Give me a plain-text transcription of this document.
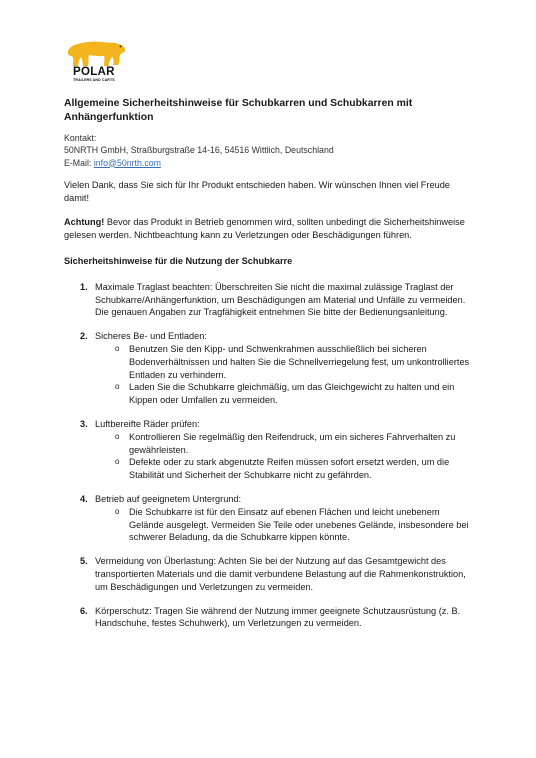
POLAR
TRAILERS AND CARTS
Allgemeine Sicherheitshinweise für Schubkarren und Schubkarren mit Anhängerfunktion
Kontakt:
50NRTH GmbH, Straßburgstraße 14-16, 54516 Wittlich, Deutschland
E-Mail: info@50nrth.com

Vielen Dank, dass Sie sich für Ihr Produkt entschieden haben. Wir wünschen Ihnen viel Freude damit!

Achtung! Bevor das Produkt in Betrieb genommen wird, sollten unbedingt die Sicherheitshinweise gelesen werden. Nichtbeachtung kann zu Verletzungen oder Beschädigungen führen.

Sicherheitshinweise für die Nutzung der Schubkarre
1. Maximale Traglast beachten: Überschreiten Sie nicht die maximal zulässige Traglast der Schubkarre/Anhängerfunktion, um Beschädigungen am Material und Unfälle zu vermeiden. Die genauen Angaben zur Tragfähigkeit entnehmen Sie bitte der Bedienungsanleitung.
2. Sicheres Be- und Entladen:
o Benutzen Sie den Kipp- und Schwenkrahmen ausschließlich bei sicheren Bodenverhältnissen und halten Sie die Schnellverriegelung fest, um unkontrolliertes Entladen zu verhindern.
o Laden Sie die Schubkarre gleichmäßig, um das Gleichgewicht zu halten und ein Kippen oder Umfallen zu vermeiden.
3. Luftbereifte Räder prüfen:
o Kontrollieren Sie regelmäßig den Reifendruck, um ein sicheres Fahrverhalten zu gewährleisten.
o Defekte oder zu stark abgenutzte Reifen müssen sofort ersetzt werden, um die Stabilität und Sicherheit der Schubkarre nicht zu gefährden.
4. Betrieb auf geeignetem Untergrund:
o Die Schubkarre ist für den Einsatz auf ebenen Flächen und leicht unebenem Gelände ausgelegt. Vermeiden Sie Teile oder unebenes Gelände, insbesondere bei schwerer Beladung, da die Schubkarre kippen könnte.
5. Vermeidung von Überlastung: Achten Sie bei der Nutzung auf das Gesamtgewicht des transportierten Materials und die damit verbundene Belastung auf die Rahmenkonstruktion, um Beschädigungen und Verletzungen zu vermeiden.
6. Körperschutz: Tragen Sie während der Nutzung immer geeignete Schutzausrüstung (z. B. Handschuhe, festes Schuhwerk), um Verletzungen zu vermeiden.
